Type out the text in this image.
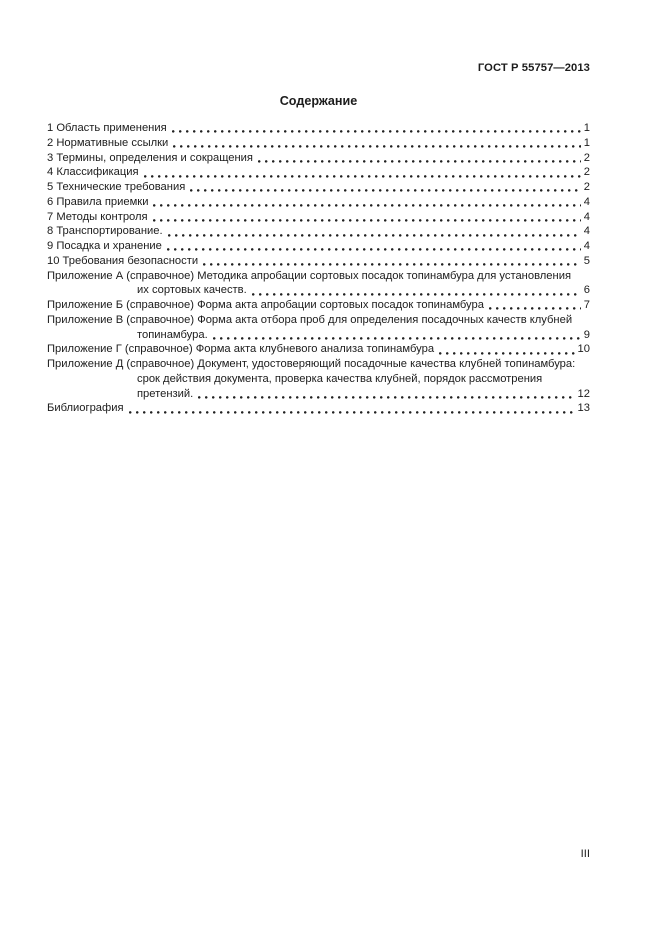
ГОСТ Р 55757—2013
Содержание
1 Область применения	1
2 Нормативные ссылки	1
3 Термины, определения и сокращения	2
4 Классификация	2
5 Технические требования	2
6 Правила приемки	4
7 Методы контроля	4
8 Транспортирование.	4
9 Посадка и хранение	4
10 Требования безопасности	5
Приложение А (справочное) Методика апробации сортовых посадок топинамбура для установления
их сортовых качеств.	6
Приложение Б (справочное) Форма акта апробации сортовых посадок топинамбура	7
Приложение В (справочное) Форма акта отбора проб для определения посадочных качеств клубней
топинамбура.	9
Приложение Г (справочное) Форма акта клубневого анализа топинамбура	10
Приложение Д (справочное) Документ, удостоверяющий посадочные качества клубней топинамбура:
срок действия документа, проверка качества клубней, порядок рассмотрения
претензий.	12
Библиография	13
III
